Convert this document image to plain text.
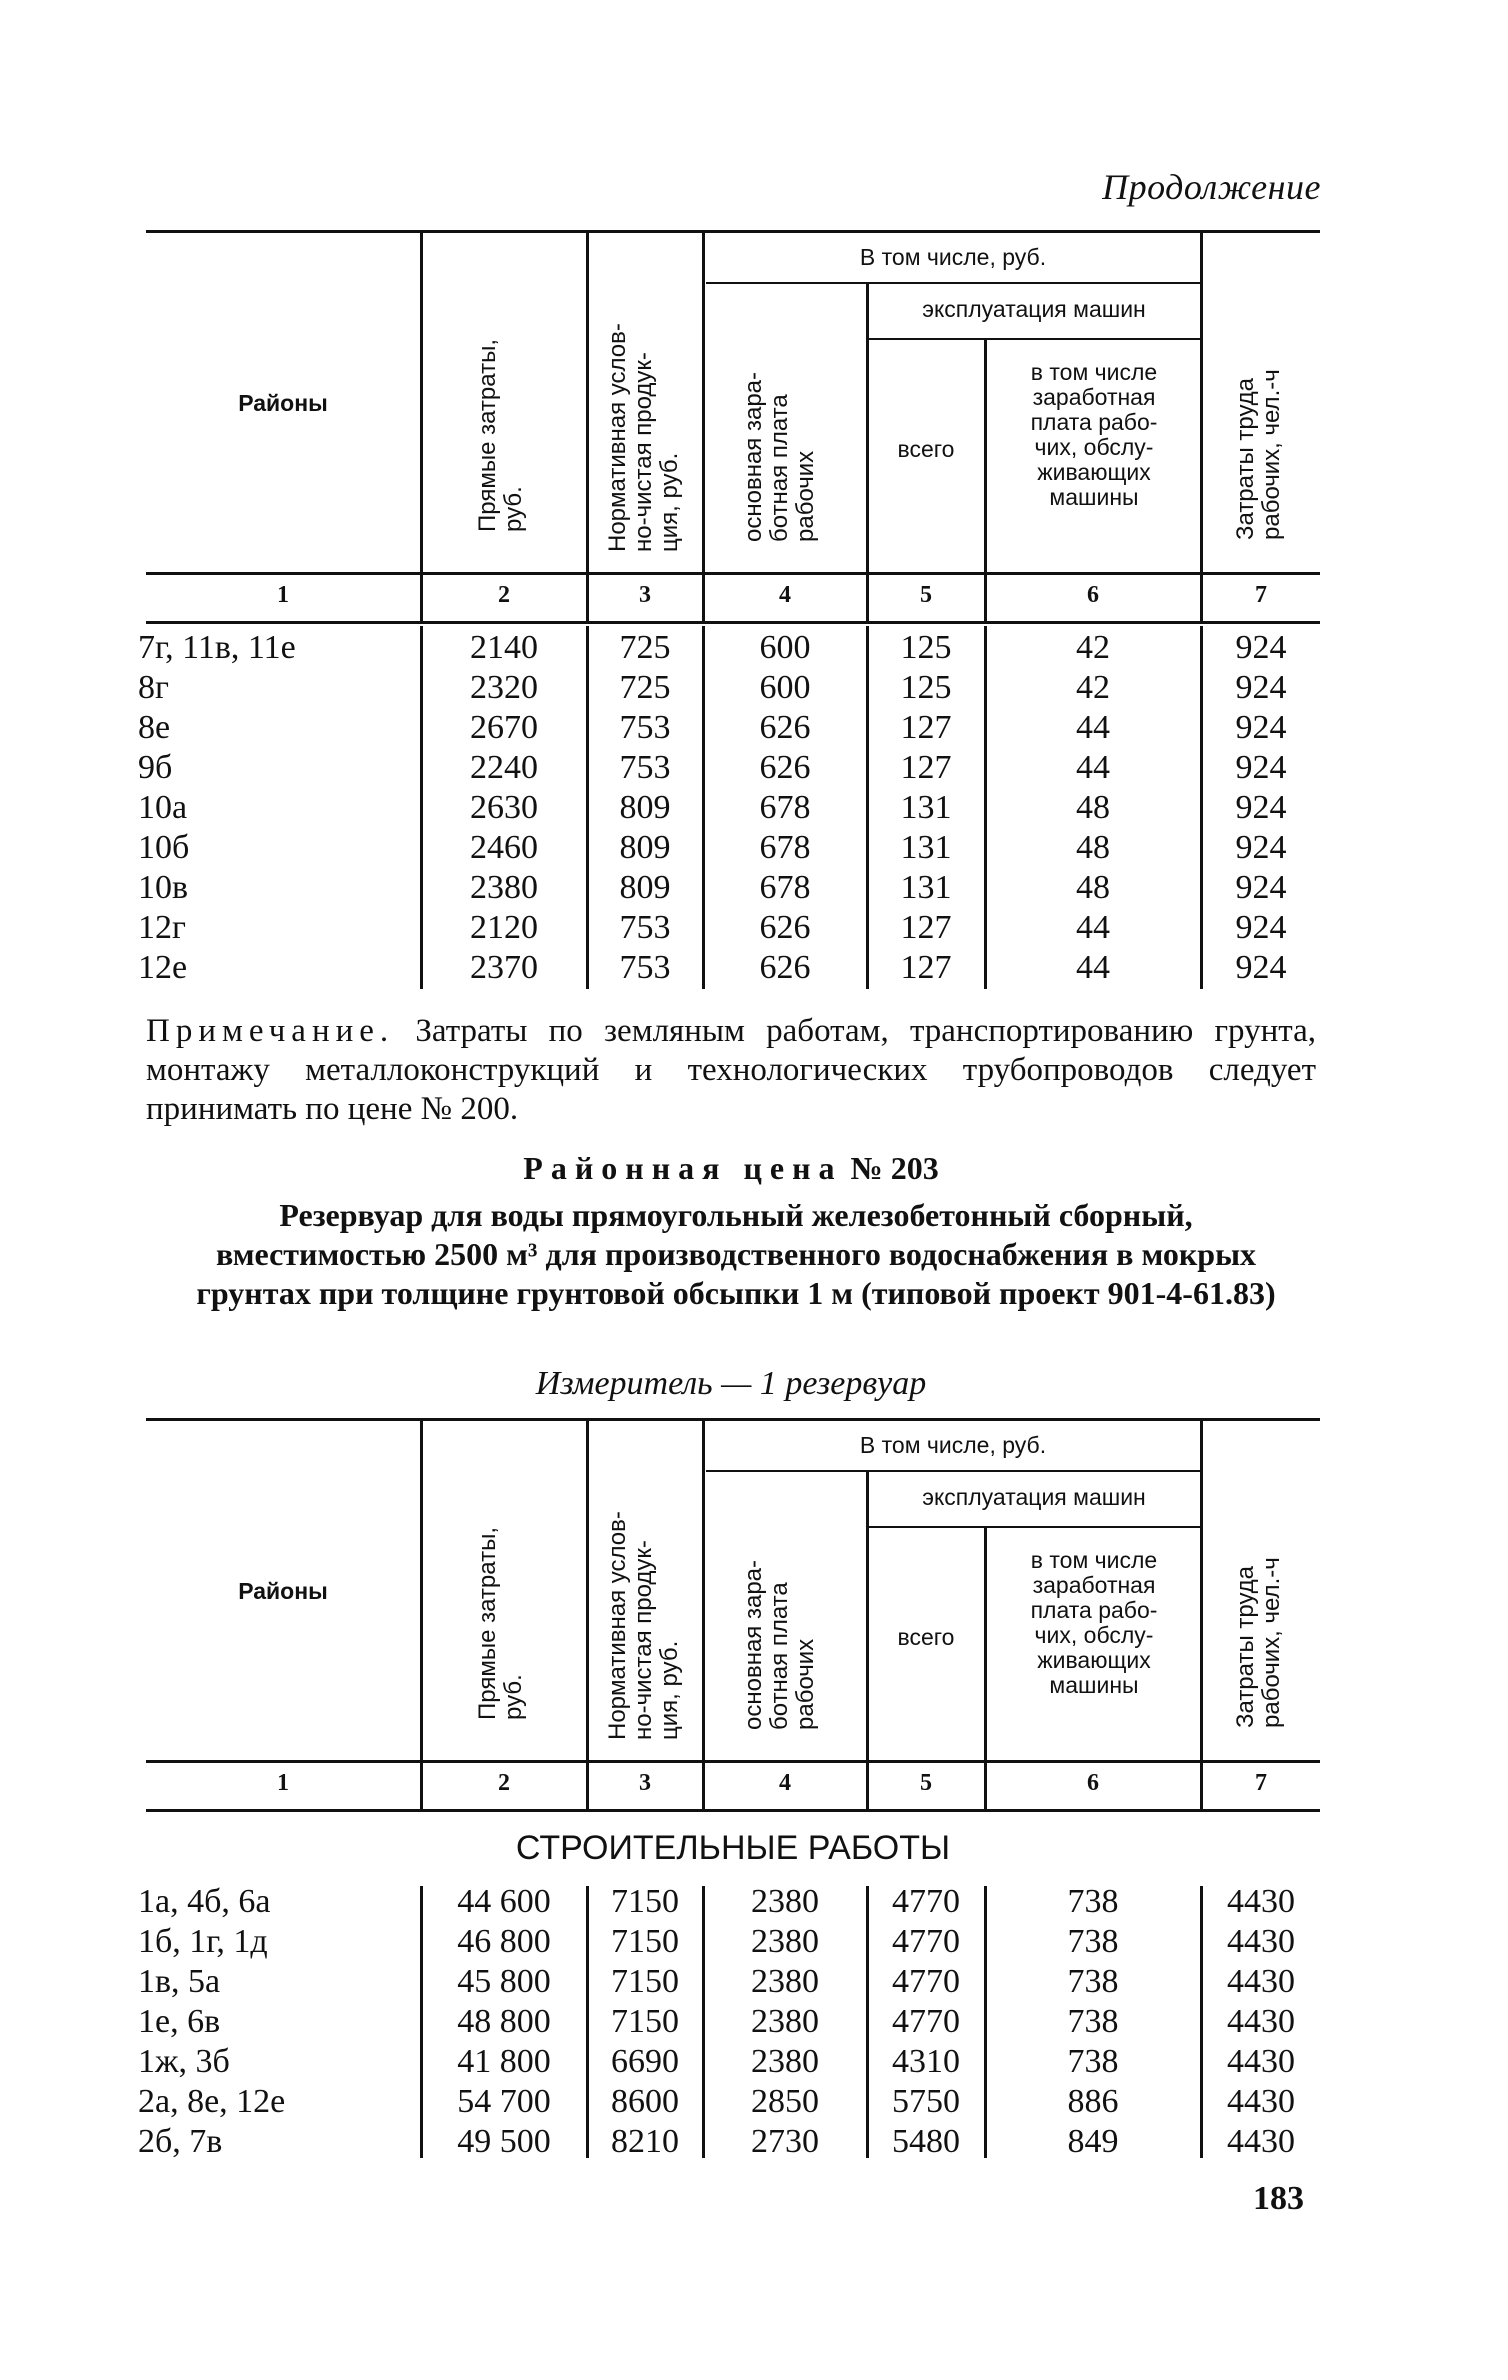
Продолжение
Районы
Прямые затраты,
руб.	Нормативная услов-
но-чистая продук-
ция, руб.
В том числе, руб.
основная зара-
ботная плата
рабочих
эксплуатация машин
всего
в том числе
заработная
плата рабо-
чих, обслу-
живающих
машины	Затраты труда
рабочих, чел.-ч
1	2	3	4	5	6	7
7г, 11в, 11е	2140	725	600	125	42	924
8г	2320	725	600	125	42	924
8е	2670	753	626	127	44	924
9б	2240	753	626	127	44	924
10а	2630	809	678	131	48	924
10б	2460	809	678	131	48	924
10в	2380	809	678	131	48	924
12г	2120	753	626	127	44	924
12е	2370	753	626	127	44	924
Примечание. Затраты по земляным работам, транспортированию грунта, монтажу металлоконструкций и технологических трубопроводов следует принимать по цене № 200.
Районная цена № 203
Резервуар для воды прямоугольный железобетонный сборный, вместимостью 2500 м³ для производственного водоснабжения в мокрых грунтах при толщине грунтовой обсыпки 1 м (типовой проект 901-4-61.83)
Измеритель — 1 резервуар
Районы
Прямые затраты,
руб.	Нормативная услов-
но-чистая продук-
ция, руб.
В том числе, руб.
основная зара-
ботная плата
рабочих
эксплуатация машин
всего
в том числе
заработная
плата рабо-
чих, обслу-
живающих
машины	Затраты труда
рабочих, чел.-ч
1	2	3	4	5	6	7
СТРОИТЕЛЬНЫЕ РАБОТЫ
1а, 4б, 6а	44 600	7150	2380	4770	738	4430
1б, 1г, 1д	46 800	7150	2380	4770	738	4430
1в, 5а	45 800	7150	2380	4770	738	4430
1е, 6в	48 800	7150	2380	4770	738	4430
1ж, 3б	41 800	6690	2380	4310	738	4430
2а, 8е, 12е	54 700	8600	2850	5750	886	4430
2б, 7в	49 500	8210	2730	5480	849	4430
183
